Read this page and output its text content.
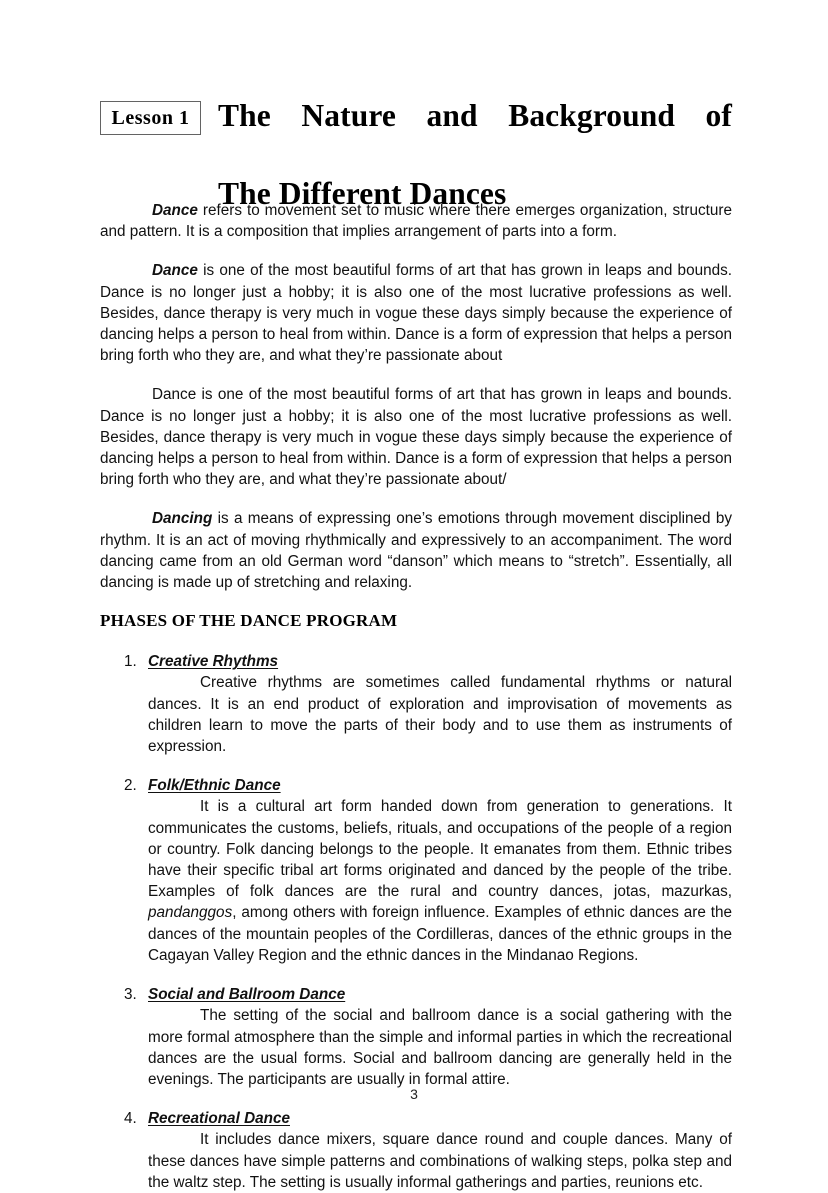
Lesson 1 The Nature and Background of
The Different Dances

Dance refers to movement set to music where there emerges organization, structure and pattern. It is a composition that implies arrangement of parts into a form.

Dance is one of the most beautiful forms of art that has grown in leaps and bounds. Dance is no longer just a hobby; it is also one of the most lucrative professions as well. Besides, dance therapy is very much in vogue these days simply because the experience of dancing helps a person to heal from within. Dance is a form of expression that helps a person bring forth who they are, and what they’re passionate about

Dance is one of the most beautiful forms of art that has grown in leaps and bounds. Dance is no longer just a hobby; it is also one of the most lucrative professions as well. Besides, dance therapy is very much in vogue these days simply because the experience of dancing helps a person to heal from within. Dance is a form of expression that helps a person bring forth who they are, and what they’re passionate about/

Dancing is a means of expressing one’s emotions through movement disciplined by rhythm. It is an act of moving rhythmically and expressively to an accompaniment. The word dancing came from an old German word “danson” which means to “stretch”. Essentially, all dancing is made up of stretching and relaxing.

PHASES OF THE DANCE PROGRAM
1. Creative Rhythms

Creative rhythms are sometimes called fundamental rhythms or natural dances. It is an end product of exploration and improvisation of movements as children learn to move the parts of their body and to use them as instruments of expression.

2. Folk/Ethnic Dance

It is a cultural art form handed down from generation to generations. It communicates the customs, beliefs, rituals, and occupations of the people of a region or country. Folk dancing belongs to the people. It emanates from them. Ethnic tribes have their specific tribal art forms originated and danced by the people of the tribe. Examples of folk dances are the rural and country dances, jotas, mazurkas, pandanggos, among others with foreign influence. Examples of ethnic dances are the dances of the mountain peoples of the Cordilleras, dances of the ethnic groups in the Cagayan Valley Region and the ethnic dances in the Mindanao Regions.

3. Social and Ballroom Dance

The setting of the social and ballroom dance is a social gathering with the more formal atmosphere than the simple and informal parties in which the recreational dances are the usual forms. Social and ballroom dancing are generally held in the evenings. The participants are usually in formal attire.

4. Recreational Dance

It includes dance mixers, square dance round and couple dances. Many of these dances have simple patterns and combinations of walking steps, polka step and the waltz step. The setting is usually informal gatherings and parties, reunions etc.

3
